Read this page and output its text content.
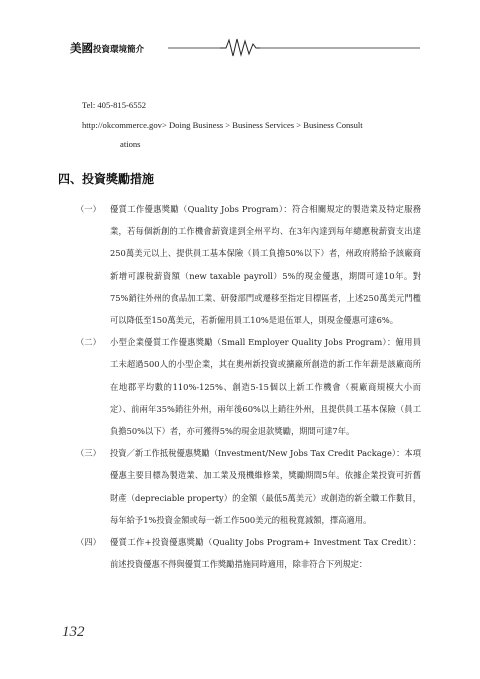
美國投資環境簡介
Tel: 405-815-6552
http://okcommerce.gov> Doing Business > Business Services > Business Consult
ations
四、投資獎勵措施
（一） 優質工作優惠獎勵（Quality Jobs Program）：符合相關規定的製造業及特定服務業，若每個新創的工作機會薪資達到全州平均、在3年內達到每年總應稅薪資支出達250萬美元以上、提供員工基本保險（員工負擔50%以下）者，州政府將給予該廠商新增可課稅薪資額（new taxable payroll）5%的現金優惠，期間可達10年。對75%銷往外州的食品加工業、研發部門或遷移至指定目標區者，上述250萬美元門檻可以降低至150萬美元，若新僱用員工10%是退伍軍人，則現金優惠可達6%。
（二） 小型企業優質工作優惠獎勵（Small Employer Quality Jobs Program）：僱用員工未超過500人的小型企業，其在奧州新投資或擴廠所創造的新工作年薪是該廠商所在地郡平均數的110%-125%、創造5-15個以上新工作機會（視廠商規模大小而定）、前兩年35%銷往外州，兩年後60%以上銷往外州，且提供員工基本保險（員工負擔50%以下）者，亦可獲得5%的現金退款獎勵，期間可達7年。
（三） 投資／新工作抵稅優惠獎勵（Investment/New Jobs Tax Credit Package）：本項優惠主要目標為製造業、加工業及飛機維修業，獎勵期間5年。依據企業投資可折舊財產（depreciable property）的金額（最低5萬美元）或創造的新全職工作數目，每年給予1%投資金額或每一新工作500美元的租稅寬減額，擇高適用。
（四） 優質工作+投資優惠獎勵（Quality Jobs Program+ Investment Tax Credit）：前述投資優惠不得與優質工作獎勵措施同時適用，除非符合下列規定：
132
